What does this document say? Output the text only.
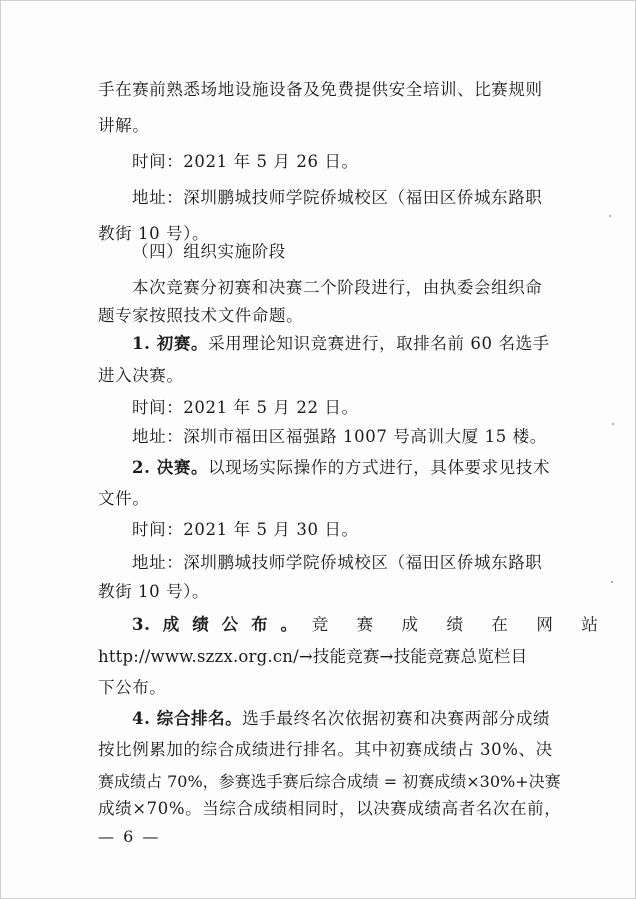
手在赛前熟悉场地设施设备及免费提供安全培训、比赛规则
讲解。
时间：2021 年 5 月 26 日。
地址：深圳鹏城技师学院侨城校区（福田区侨城东路职
教街 10 号）。
（四）组织实施阶段
本次竞赛分初赛和决赛二个阶段进行，由执委会组织命
题专家按照技术文件命题。
1. 初赛。采用理论知识竞赛进行，取排名前 60 名选手
进入决赛。
时间：2021 年 5 月 22 日。
地址：深圳市福田区福强路 1007 号高训大厦 15 楼。
2. 决赛。以现场实际操作的方式进行，具体要求见技术
文件。
时间：2021 年 5 月 30 日。
地址：深圳鹏城技师学院侨城校区（福田区侨城东路职
教街 10 号）。
3. 成 绩 公 布 。 竞 赛 成 绩 在 网 站
http://www.szzx.org.cn/→技能竞赛→技能竞赛总览栏目
下公布。
4. 综合排名。选手最终名次依据初赛和决赛两部分成绩
按比例累加的综合成绩进行排名。其中初赛成绩占 30%、决
赛成绩占 70%，参赛选手赛后综合成绩 = 初赛成绩×30%+决赛
成绩×70%。当综合成绩相同时，以决赛成绩高者名次在前，
— 6 —
